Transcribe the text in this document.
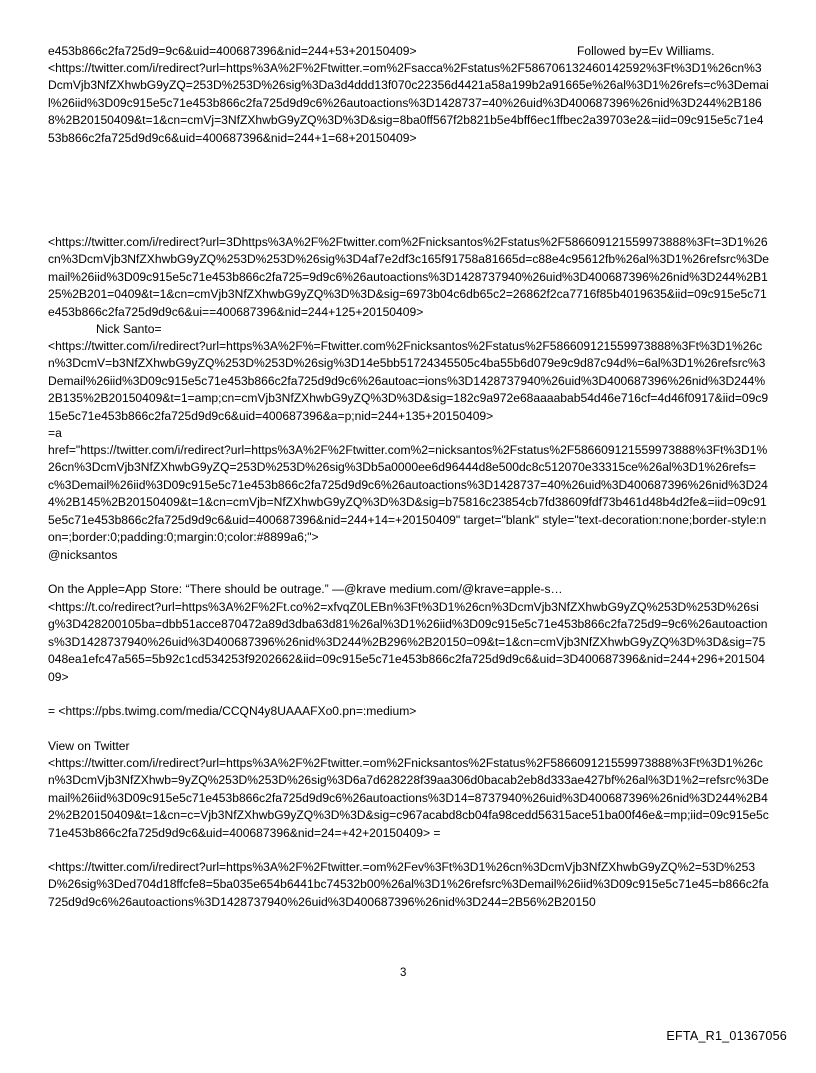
e453b866c2fa725d9=9c6&uid=400687396&nid=244+53+20150409>	Followed by=Ev Williams.
<https://twitter.com/i/redirect?url=https%3A%2F%2Ftwitter.=om%2Fsacca%2Fstatus%2F586706132460142592%3Ft%3D1%26cn%3DcmVjb3NfZXhwbG9yZQ=253D%253D%26sig%3Da3d4ddd13f070c22356d4421a58a199b2a91665e%26al%3D1%26refs=c%3Demail%26iid%3D09c915e5c71e453b866c2fa725d9d9c6%26autoactions%3D1428737=40%26uid%3D400687396%26nid%3D244%2B1868%2B20150409&t=1&cn=cmVj=3NfZXhwbG9yZQ%3D%3D&sig=8ba0ff567f2b821b5e4bff6ec1ffbec2a39703e2&=iid=09c915e5c71e453b866c2fa725d9d9c6&uid=400687396&nid=244+1=68+20150409>
<https://twitter.com/i/redirect?url=3Dhttps%3A%2F%2Ftwitter.com%2Fnicksantos%2Fstatus%2F586609121559973888%3Ft=3D1%26cn%3DcmVjb3NfZXhwbG9yZQ%253D%253D%26sig%3D4af7e2df3c165f91758a81665d=c88e4c95612fb%26al%3D1%26refsrc%3Demail%26iid%3D09c915e5c71e453b866c2fa725=9d9c6%26autoactions%3D1428737940%26uid%3D400687396%26nid%3D244%2B125%2B201=0409&t=1&cn=cmVjb3NfZXhwbG9yZQ%3D%3D&sig=6973b04c6db65c2=26862f2ca7716f85b4019635&iid=09c915e5c71e453b866c2fa725d9d9c6&ui==400687396&nid=244+125+20150409>
Nick Santo=
<https://twitter.com/i/redirect?url=https%3A%2F%=Ftwitter.com%2Fnicksantos%2Fstatus%2F586609121559973888%3Ft%3D1%26cn%3DcmV=b3NfZXhwbG9yZQ%253D%253D%26sig%3D14e5bb51724345505c4ba55b6d079e9c9d87c94d%=6al%3D1%26refsrc%3Demail%26iid%3D09c915e5c71e453b866c2fa725d9d9c6%26autoac=ions%3D1428737940%26uid%3D400687396%26nid%3D244%2B135%2B20150409&t=1=amp;cn=cmVjb3NfZXhwbG9yZQ%3D%3D&sig=182c9a972e68aaaabab54d46e716cf=4d46f0917&iid=09c915e5c71e453b866c2fa725d9d9c6&uid=400687396&a=p;nid=244+135+20150409>
=a
href="https://twitter.com/i/redirect?url=https%3A%2F%2Ftwitter.com%2=nicksantos%2Fstatus%2F586609121559973888%3Ft%3D1%26cn%3DcmVjb3NfZXhwbG9yZQ=253D%253D%26sig%3Db5a0000ee6d96444d8e500dc8c512070e33315ce%26al%3D1%26refs=c%3Demail%26iid%3D09c915e5c71e453b866c2fa725d9d9c6%26autoactions%3D1428737=40%26uid%3D400687396%26nid%3D244%2B145%2B20150409&t=1&cn=cmVjb=NfZXhwbG9yZQ%3D%3D&sig=b75816c23854cb7fd38609fdf73b461d48b4d2fe&=iid=09c915e5c71e453b866c2fa725d9d9c6&uid=400687396&nid=244+14=+20150409" target="blank" style="text-decoration:none;border-style:non=;border:0;padding:0;margin:0;color:#8899a6;">
@nicksantos
On the Apple=App Store: “There should be outrage.” —@krave medium.com/@krave=apple-s…
<https://t.co/redirect?url=https%3A%2F%2Ft.co%2=xfvqZ0LEBn%3Ft%3D1%26cn%3DcmVjb3NfZXhwbG9yZQ%253D%253D%26sig%3D428200105ba=dbb51acce870472a89d3dba63d81%26al%3D1%26iid%3D09c915e5c71e453b866c2fa725d9=9c6%26autoactions%3D1428737940%26uid%3D400687396%26nid%3D244%2B296%2B20150=09&t=1&cn=cmVjb3NfZXhwbG9yZQ%3D%3D&sig=75048ea1efc47a565=5b92c1cd534253f9202662&iid=09c915e5c71e453b866c2fa725d9d9c6&uid=3D400687396&nid=244+296+20150409>
= <https://pbs.twimg.com/media/CCQN4y8UAAAFXo0.pn=:medium>
View on Twitter
<https://twitter.com/i/redirect?url=https%3A%2F%2Ftwitter.=om%2Fnicksantos%2Fstatus%2F586609121559973888%3Ft%3D1%26cn%3DcmVjb3NfZXhwb=9yZQ%253D%253D%26sig%3D6a7d628228f39aa306d0bacab2eb8d333ae427bf%26al%3D1%2=refsrc%3Demail%26iid%3D09c915e5c71e453b866c2fa725d9d9c6%26autoactions%3D14=8737940%26uid%3D400687396%26nid%3D244%2B42%2B20150409&t=1&cn=c=Vjb3NfZXhwbG9yZQ%3D%3D&sig=c967acabd8cb04fa98cedd56315ace51ba00f46e&=mp;iid=09c915e5c71e453b866c2fa725d9d9c6&uid=400687396&nid=24=+42+20150409> =
<https://twitter.com/i/redirect?url=https%3A%2F%2Ftwitter.=om%2Fev%3Ft%3D1%26cn%3DcmVjb3NfZXhwbG9yZQ%2=53D%253D%26sig%3Ded704d18ffcfe8=5ba035e654b6441bc74532b00%26al%3D1%26refsrc%3Demail%26iid%3D09c915e5c71e45=b866c2fa725d9d9c6%26autoactions%3D1428737940%26uid%3D400687396%26nid%3D244=2B56%2B20150
3
EFTA_R1_01367056
